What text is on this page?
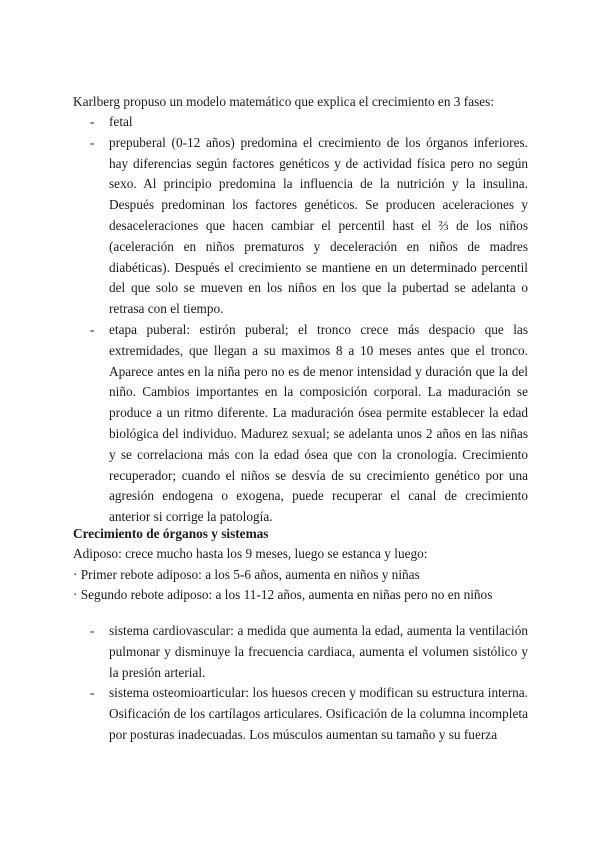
Karlberg propuso un modelo matemático que explica el crecimiento en 3 fases:

- fetal
- prepuberal (0-12 años) predomina el crecimiento de los órganos inferiores. hay diferencias según factores genéticos y de actividad física pero no según sexo. Al principio predomina la influencia de la nutrición y la insulina. Después predominan los factores genéticos. Se producen aceleraciones y desaceleraciones que hacen cambiar el percentil hast el ⅔ de los niños (aceleración en niños prematuros y deceleración en niños de madres diabéticas). Después el crecimiento se mantiene en un determinado percentil del que solo se mueven en los niños en los que la pubertad se adelanta o retrasa con el tiempo.
- etapa puberal: estirón puberal; el tronco crece más despacio que las extremidades, que llegan a su maximos 8 a 10 meses antes que el tronco. Aparece antes en la niña pero no es de menor intensidad y duración que la del niño. Cambios importantes en la composición corporal. La maduración se produce a un ritmo diferente. La maduración ósea permite establecer la edad biológica del individuo. Madurez sexual; se adelanta unos 2 años en las niñas y se correlaciona más con la edad ósea que con la cronología. Crecimiento recuperador; cuando el niños se desvía de su crecimiento genético por una agresión endogena o exogena, puede recuperar el canal de crecimiento anterior si corrige la patología.
Crecimiento de órganos y sistemas

Adiposo: crece mucho hasta los 9 meses, luego se estanca y luego:

· Primer rebote adiposo: a los 5-6 años, aumenta en niños y niñas

· Segundo rebote adiposo: a los 11-12 años, aumenta en niñas pero no en niños

- sistema cardiovascular: a medida que aumenta la edad, aumenta la ventilación pulmonar y disminuye la frecuencia cardiaca, aumenta el volumen sistólico y la presión arterial.
- sistema osteomioarticular: los huesos crecen y modifican su estructura interna. Osificación de los cartílagos articulares. Osificación de la columna incompleta por posturas inadecuadas. Los músculos aumentan su tamaño y su fuerza
